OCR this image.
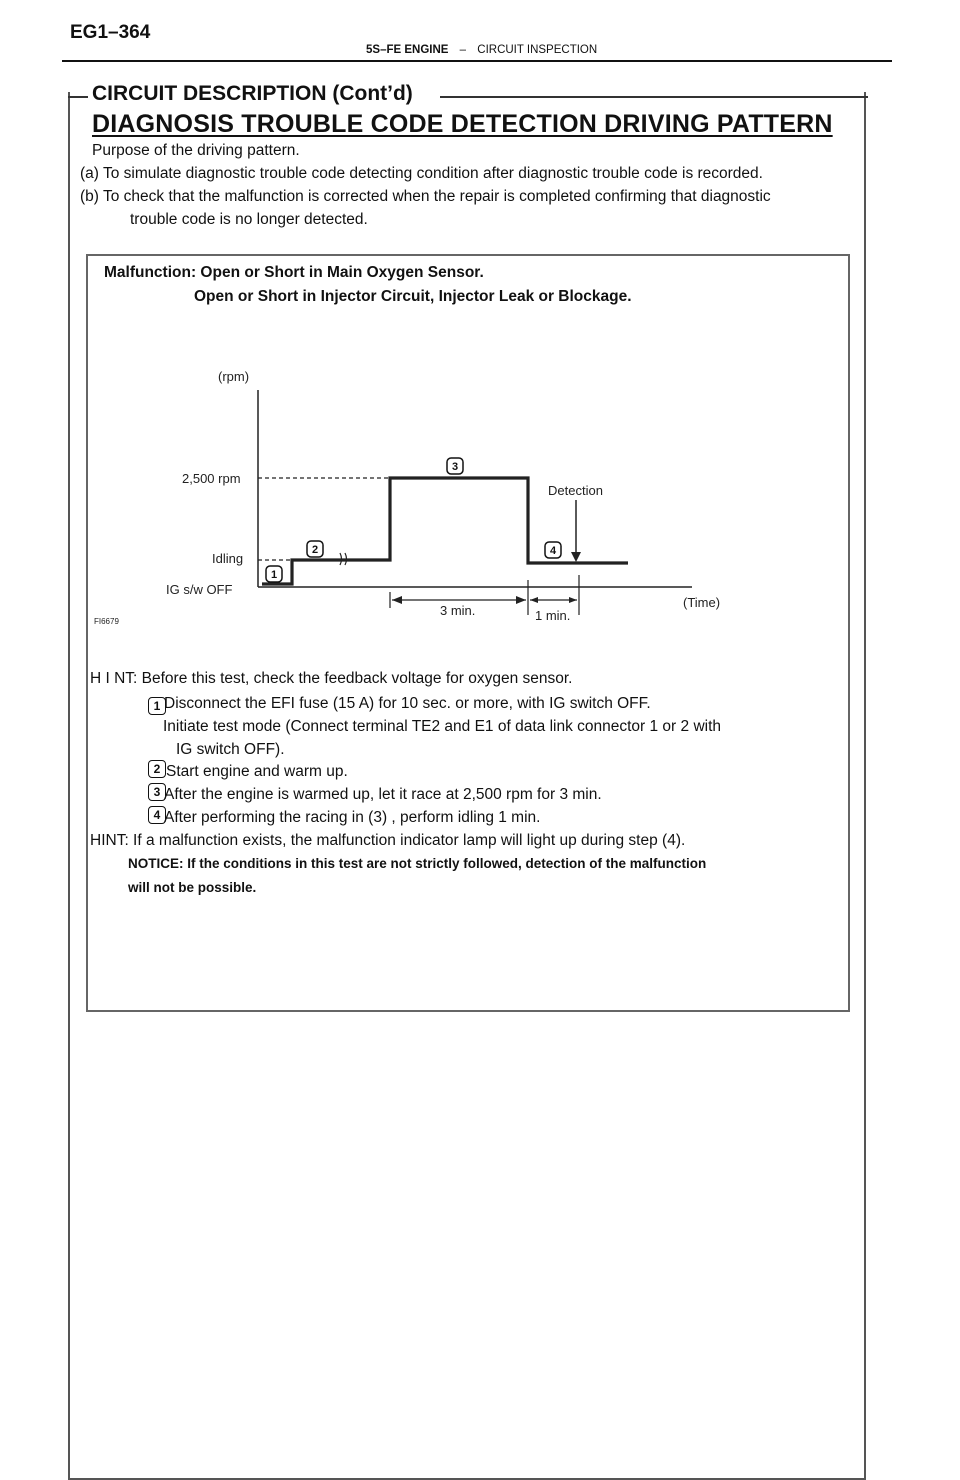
EG1–364
5S–FE ENGINE – CIRCUIT INSPECTION
CIRCUIT DESCRIPTION (Cont’d)
DIAGNOSIS TROUBLE CODE DETECTION DRIVING PATTERN
Purpose of the driving pattern.
(a) To simulate diagnostic trouble code detecting condition after diagnostic trouble code is recorded.
(b) To check that the malfunction is corrected when the repair is completed confirming that diagnostic
trouble code is no longer detected.
Malfunction: Open or Short in Main Oxygen Sensor.
Open or Short in Injector Circuit, Injector Leak or Blockage.
(rpm)
(Time)
2,500 rpm
Idling
IG s/w OFF
Detection
3 min.	1 min.
FI6679
1
2
3
4
H I NT: Before this test, check the feedback voltage for oxygen sensor.
1 Disconnect the EFI fuse (15 A) for 10 sec. or more, with IG switch OFF.
Initiate test mode (Connect terminal TE2 and E1 of data link connector 1 or 2 with
IG switch OFF).
2 Start engine and warm up.
3 After the engine is warmed up, let it race at 2,500 rpm for 3 min.
4 After performing the racing in (3) , perform idling 1 min.
HINT: If a malfunction exists, the malfunction indicator lamp will light up during step (4).
NOTICE: If the conditions in this test are not strictly followed, detection of the malfunction
will not be possible.
